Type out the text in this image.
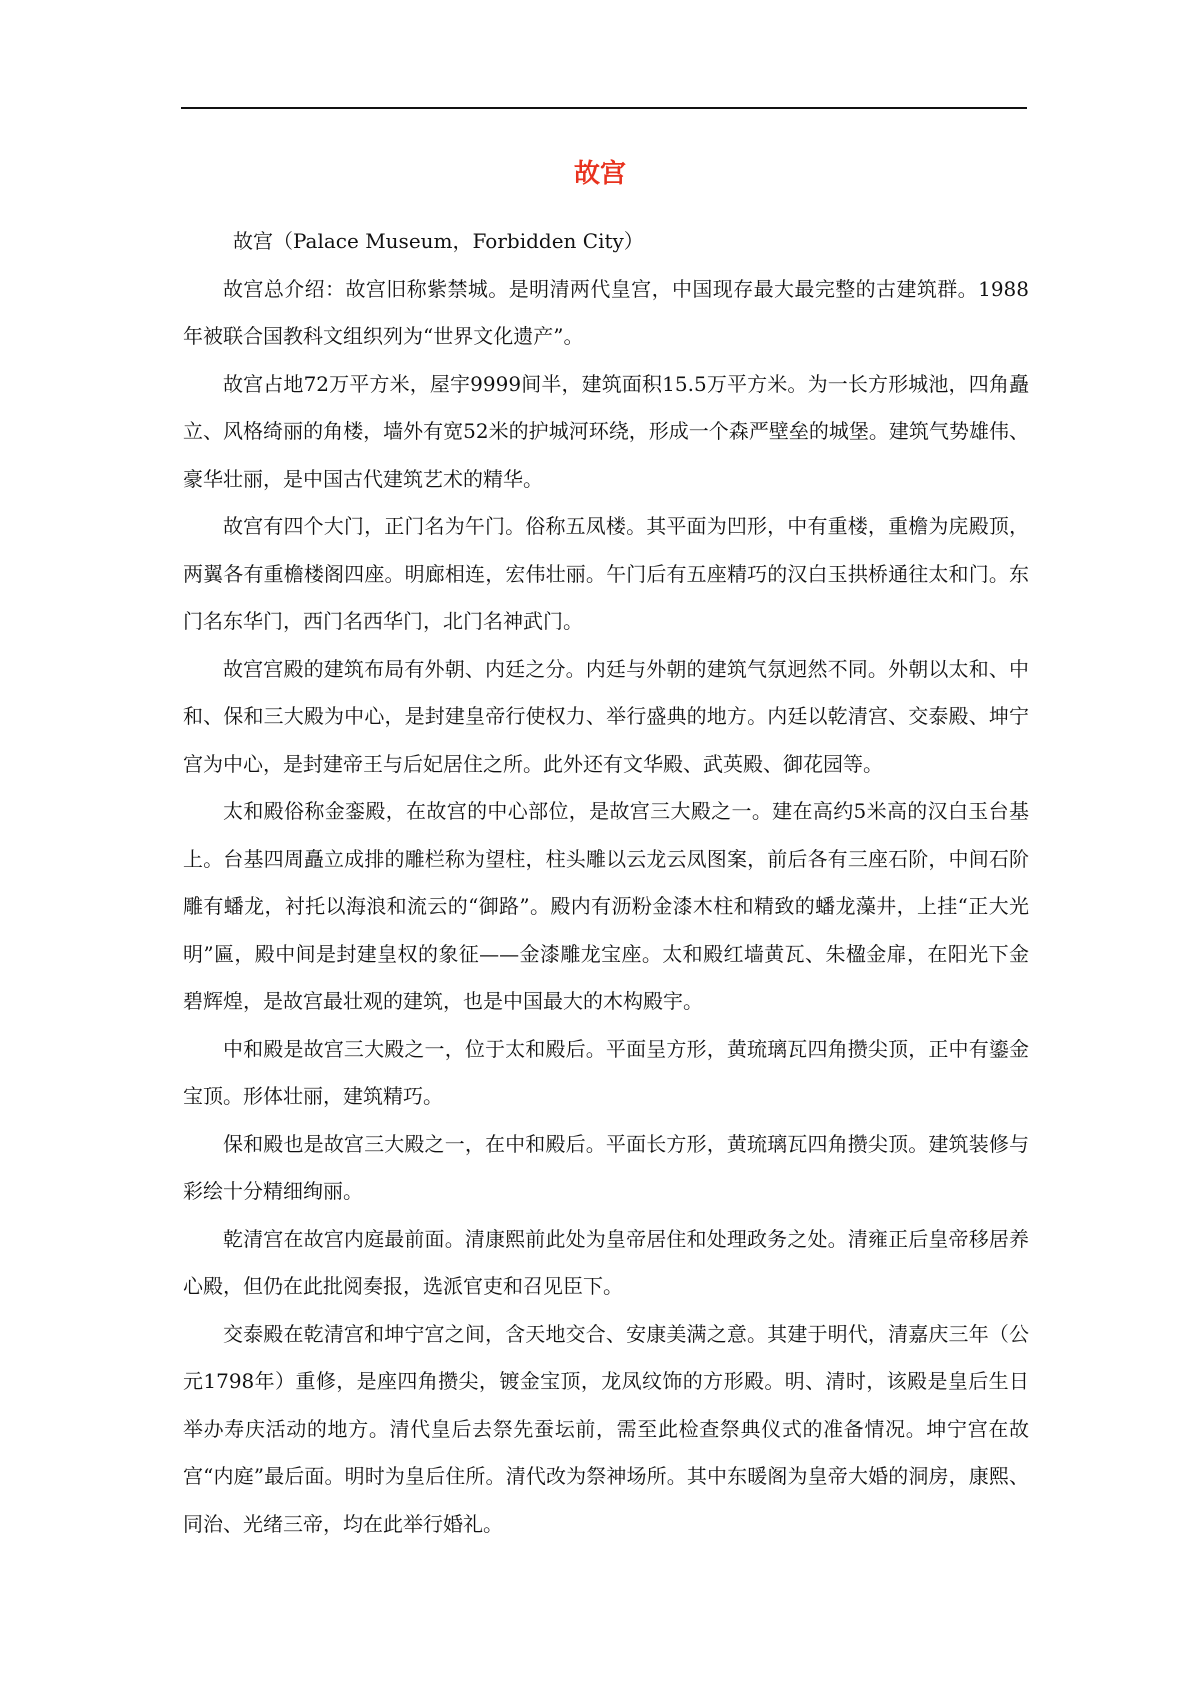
故宫

故宫（Palace Museum，Forbidden City）

故宫总介绍：故宫旧称紫禁城。是明清两代皇宫，中国现存最大最完整的古建筑群。1988年被联合国教科文组织列为“世界文化遗产”。

故宫占地72万平方米，屋宇9999间半，建筑面积15.5万平方米。为一长方形城池，四角矗立、风格绮丽的角楼，墙外有宽52米的护城河环绕，形成一个森严壁垒的城堡。建筑气势雄伟、豪华壮丽，是中国古代建筑艺术的精华。

故宫有四个大门，正门名为午门。俗称五凤楼。其平面为凹形，中有重楼，重檐为庑殿顶，两翼各有重檐楼阁四座。明廊相连，宏伟壮丽。午门后有五座精巧的汉白玉拱桥通往太和门。东门名东华门，西门名西华门，北门名神武门。

故宫宫殿的建筑布局有外朝、内廷之分。内廷与外朝的建筑气氛迥然不同。外朝以太和、中和、保和三大殿为中心，是封建皇帝行使权力、举行盛典的地方。内廷以乾清宫、交泰殿、坤宁宫为中心，是封建帝王与后妃居住之所。此外还有文华殿、武英殿、御花园等。

太和殿俗称金銮殿，在故宫的中心部位，是故宫三大殿之一。建在高约5米高的汉白玉台基上。台基四周矗立成排的雕栏称为望柱，柱头雕以云龙云凤图案，前后各有三座石阶，中间石阶雕有蟠龙，衬托以海浪和流云的“御路”。殿内有沥粉金漆木柱和精致的蟠龙藻井，上挂“正大光明”匾，殿中间是封建皇权的象征——金漆雕龙宝座。太和殿红墙黄瓦、朱楹金扉，在阳光下金碧辉煌，是故宫最壮观的建筑，也是中国最大的木构殿宇。

中和殿是故宫三大殿之一，位于太和殿后。平面呈方形，黄琉璃瓦四角攒尖顶，正中有鎏金宝顶。形体壮丽，建筑精巧。

保和殿也是故宫三大殿之一，在中和殿后。平面长方形，黄琉璃瓦四角攒尖顶。建筑装修与彩绘十分精细绚丽。

乾清宫在故宫内庭最前面。清康熙前此处为皇帝居住和处理政务之处。清雍正后皇帝移居养心殿，但仍在此批阅奏报，选派官吏和召见臣下。

交泰殿在乾清宫和坤宁宫之间，含天地交合、安康美满之意。其建于明代，清嘉庆三年（公元1798年）重修，是座四角攒尖，镀金宝顶，龙凤纹饰的方形殿。明、清时，该殿是皇后生日举办寿庆活动的地方。清代皇后去祭先蚕坛前，需至此检查祭典仪式的准备情况。坤宁宫在故宫“内庭”最后面。明时为皇后住所。清代改为祭神场所。其中东暖阁为皇帝大婚的洞房，康熙、同治、光绪三帝，均在此举行婚礼。
